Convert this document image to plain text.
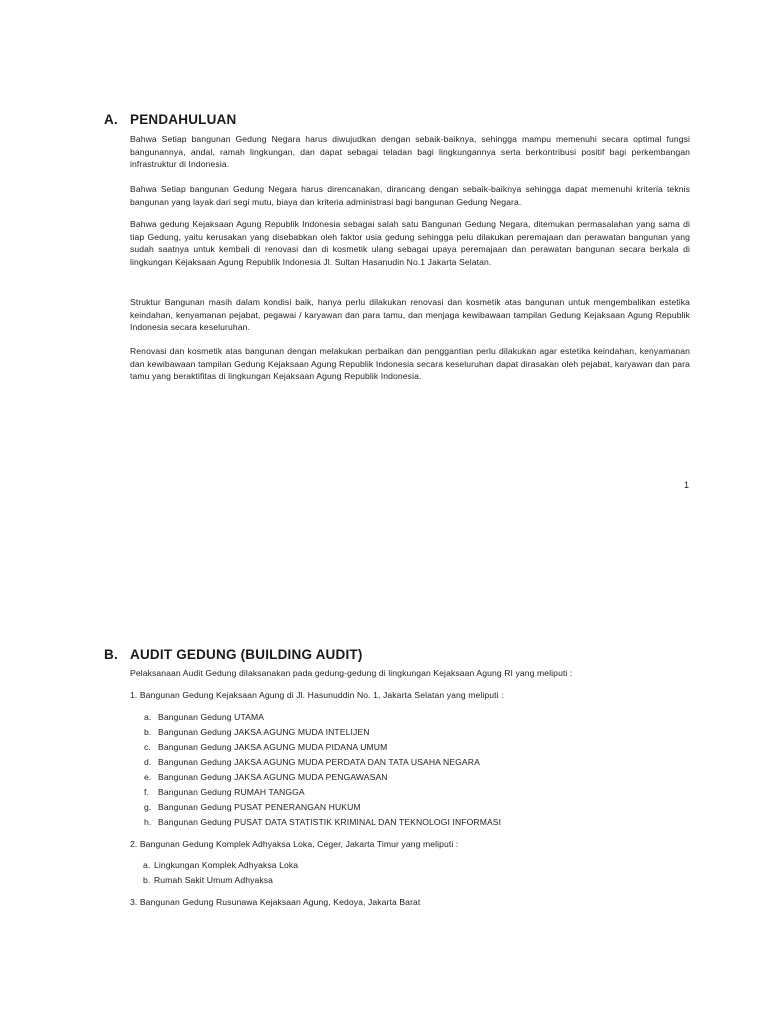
A. PENDAHULUAN

Bahwa Setiap bangunan Gedung Negara harus diwujudkan dengan sebaik-baiknya, sehingga mampu memenuhi secara optimal fungsi bangunannya, andal, ramah lingkungan, dan dapat sebagai teladan bagi lingkungannya serta berkontribusi positif bagi perkembangan infrastruktur di Indonesia.

Bahwa Setiap bangunan Gedung Negara harus direncanakan, dirancang dengan sebaik-baiknya sehingga dapat memenuhi kriteria teknis bangunan yang layak dari segi mutu, biaya dan kriteria administrasi bagi bangunan Gedung Negara.

Bahwa gedung Kejaksaan Agung Republik Indonesia sebagai salah satu Bangunan Gedung Negara, ditemukan permasalahan yang sama di tiap Gedung, yaitu kerusakan yang disebabkan oleh faktor usia gedung sehingga pelu dilakukan peremajaan dan perawatan bangunan yang sudah saatnya untuk kembali di renovasi dan di kosmetik ulang sebagai upaya peremajaan dan perawatan bangunan secara berkala di lingkungan Kejaksaan Agung Republik Indonesia Jl. Sultan Hasanudin No.1 Jakarta Selatan.

Struktur Bangunan masih dalam kondisi baik, hanya perlu dilakukan renovasi dan kosmetik atas bangunan untuk mengembalikan estetika keindahan, kenyamanan pejabat, pegawai / karyawan dan para tamu, dan menjaga kewibawaan tampilan Gedung Kejaksaan Agung Republik Indonesia secara keseluruhan.

Renovasi dan kosmetik atas bangunan dengan melakukan perbaikan dan penggantian perlu dilakukan agar estetika keindahan, kenyamanan dan kewibawaan tampilan Gedung Kejaksaan Agung Republik Indonesia secara keseluruhan dapat dirasakan oleh pejabat, karyawan dan para tamu yang beraktifitas di lingkungan Kejaksaan Agung Republik Indonesia.

1
B. AUDIT GEDUNG (BUILDING AUDIT)
Pelaksanaan Audit Gedung dilaksanakan pada gedung-gedung di lingkungan Kejaksaan Agung RI yang meliputi :
1. Bangunan Gedung Kejaksaan Agung di Jl. Hasunuddin No. 1, Jakarta Selatan yang meliputi :
a. Bangunan Gedung UTAMA
b. Bangunan Gedung JAKSA AGUNG MUDA INTELIJEN
c. Bangunan Gedung JAKSA AGUNG MUDA PIDANA UMUM
d. Bangunan Gedung JAKSA AGUNG MUDA PERDATA DAN TATA USAHA NEGARA
e. Bangunan Gedung JAKSA AGUNG MUDA PENGAWASAN
f. Bangunan Gedung RUMAH TANGGA
g. Bangunan Gedung PUSAT PENERANGAN HUKUM
h. Bangunan Gedung PUSAT DATA STATISTIK KRIMINAL DAN TEKNOLOGI INFORMASI
2. Bangunan Gedung Komplek Adhyaksa Loka, Ceger, Jakarta Timur yang meliputi :
a. Lingkungan Komplek Adhyaksa Loka
b. Rumah Sakit Umum Adhyaksa
3. Bangunan Gedung Rusunawa Kejaksaan Agung, Kedoya, Jakarta Barat
